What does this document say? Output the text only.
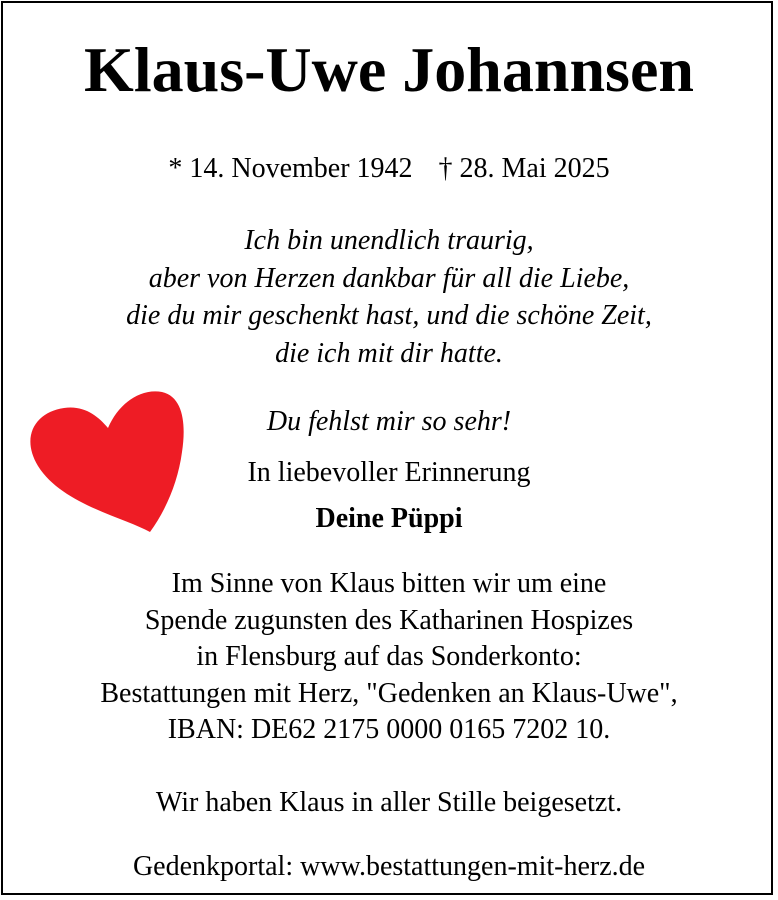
Klaus-Uwe Johannsen
* 14. November 1942 † 28. Mai 2025
Ich bin unendlich traurig,
aber von Herzen dankbar für all die Liebe,
die du mir geschenkt hast, und die schöne Zeit,
die ich mit dir hatte.
Du fehlst mir so sehr!
In liebevoller Erinnerung
Deine Püppi
Im Sinne von Klaus bitten wir um eine
Spende zugunsten des Katharinen Hospizes
in Flensburg auf das Sonderkonto:
Bestattungen mit Herz, "Gedenken an Klaus-Uwe",
IBAN: DE62 2175 0000 0165 7202 10.
Wir haben Klaus in aller Stille beigesetzt.
Gedenkportal: www.bestattungen-mit-herz.de
